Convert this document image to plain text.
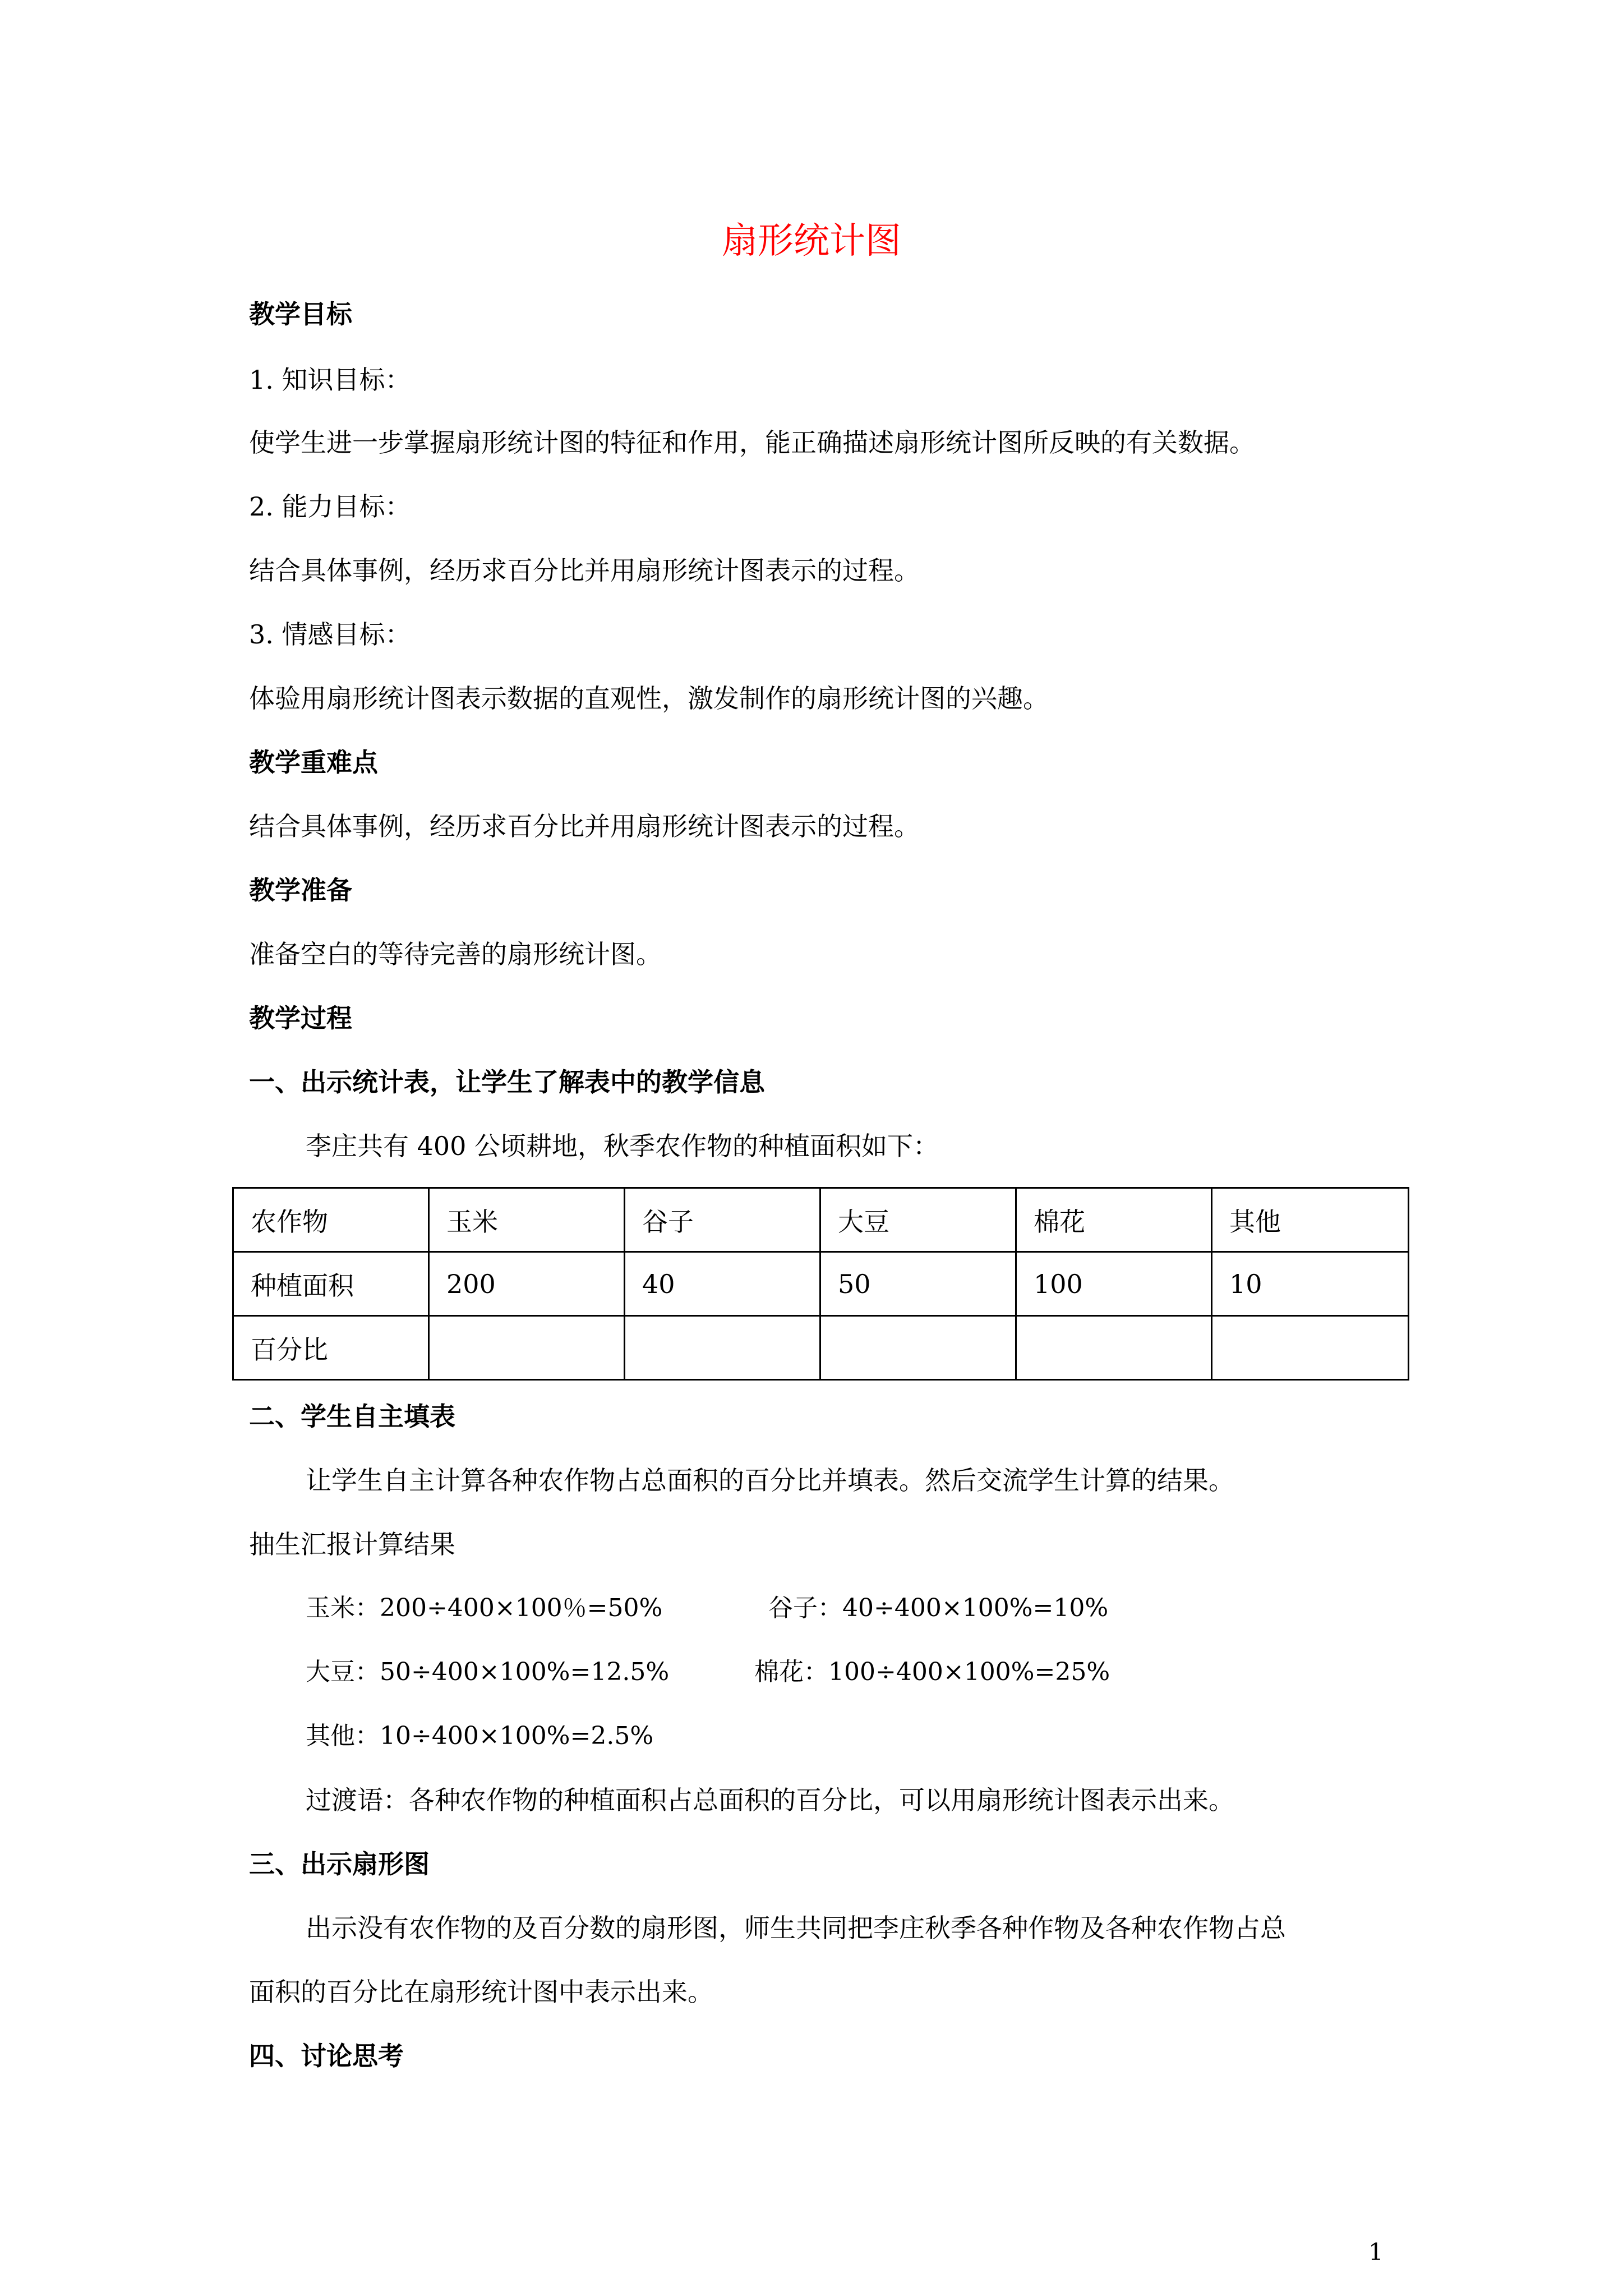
扇形统计图
教学目标
1. 知识目标：
使学生进一步掌握扇形统计图的特征和作用，能正确描述扇形统计图所反映的有关数据。
2. 能力目标：
结合具体事例，经历求百分比并用扇形统计图表示的过程。
3. 情感目标：
体验用扇形统计图表示数据的直观性，激发制作的扇形统计图的兴趣。
教学重难点
结合具体事例，经历求百分比并用扇形统计图表示的过程。
教学准备
准备空白的等待完善的扇形统计图。
教学过程
一、出示统计表，让学生了解表中的教学信息
李庄共有 400 公顷耕地，秋季农作物的种植面积如下：
农作物	玉米	谷子	大豆	棉花	其他
种植面积	200	40	50	100	10
百分比					
二、学生自主填表
让学生自主计算各种农作物占总面积的百分比并填表。然后交流学生计算的结果。
抽生汇报计算结果
玉米：200÷400×100％=50%	谷子：40÷400×100%=10%
大豆：50÷400×100%=12.5%	棉花：100÷400×100%=25%
其他：10÷400×100%=2.5%
过渡语：各种农作物的种植面积占总面积的百分比，可以用扇形统计图表示出来。
三、出示扇形图
出示没有农作物的及百分数的扇形图，师生共同把李庄秋季各种作物及各种农作物占总
面积的百分比在扇形统计图中表示出来。
四、讨论思考
1
